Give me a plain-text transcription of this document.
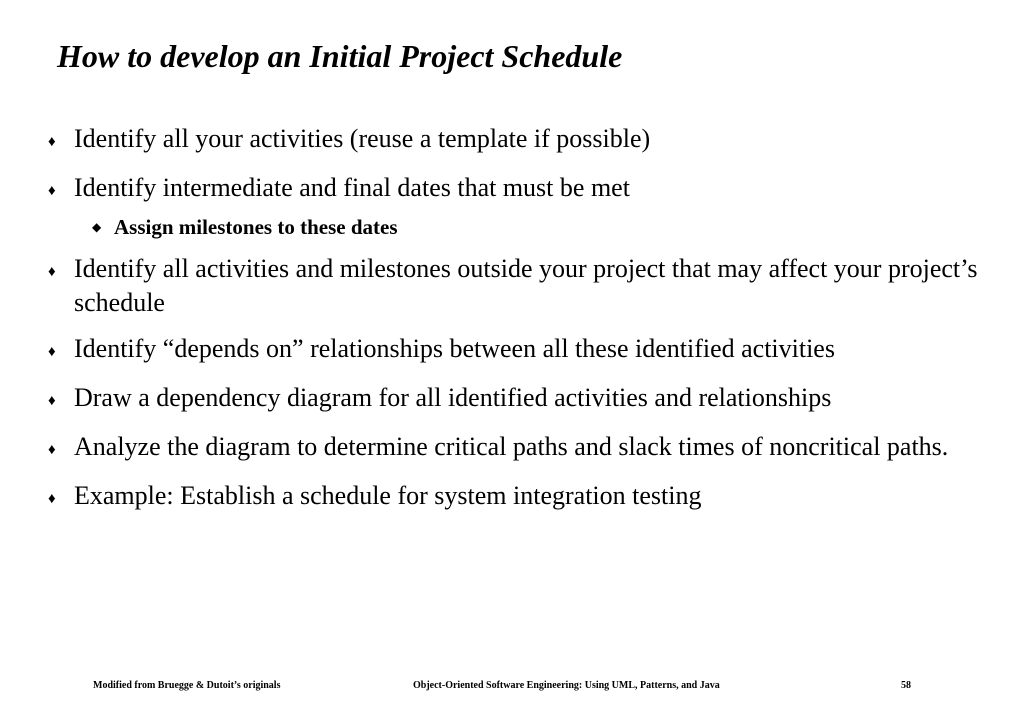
How to develop an Initial Project Schedule
♦ Identify all your activities (reuse a template if possible)
♦ Identify intermediate and final dates that must be met
◆ Assign milestones to these dates
♦ Identify all activities and milestones outside your project that may affect your project’s schedule
♦ Identify “depends on” relationships between all these identified activities
♦ Draw a dependency diagram for all identified activities and relationships
♦ Analyze the diagram to determine critical paths and slack times of noncritical paths.
♦ Example: Establish a schedule for system integration testing
Modified from Bruegge & Dutoit’s originals	Object-Oriented Software Engineering: Using UML, Patterns, and Java	58
